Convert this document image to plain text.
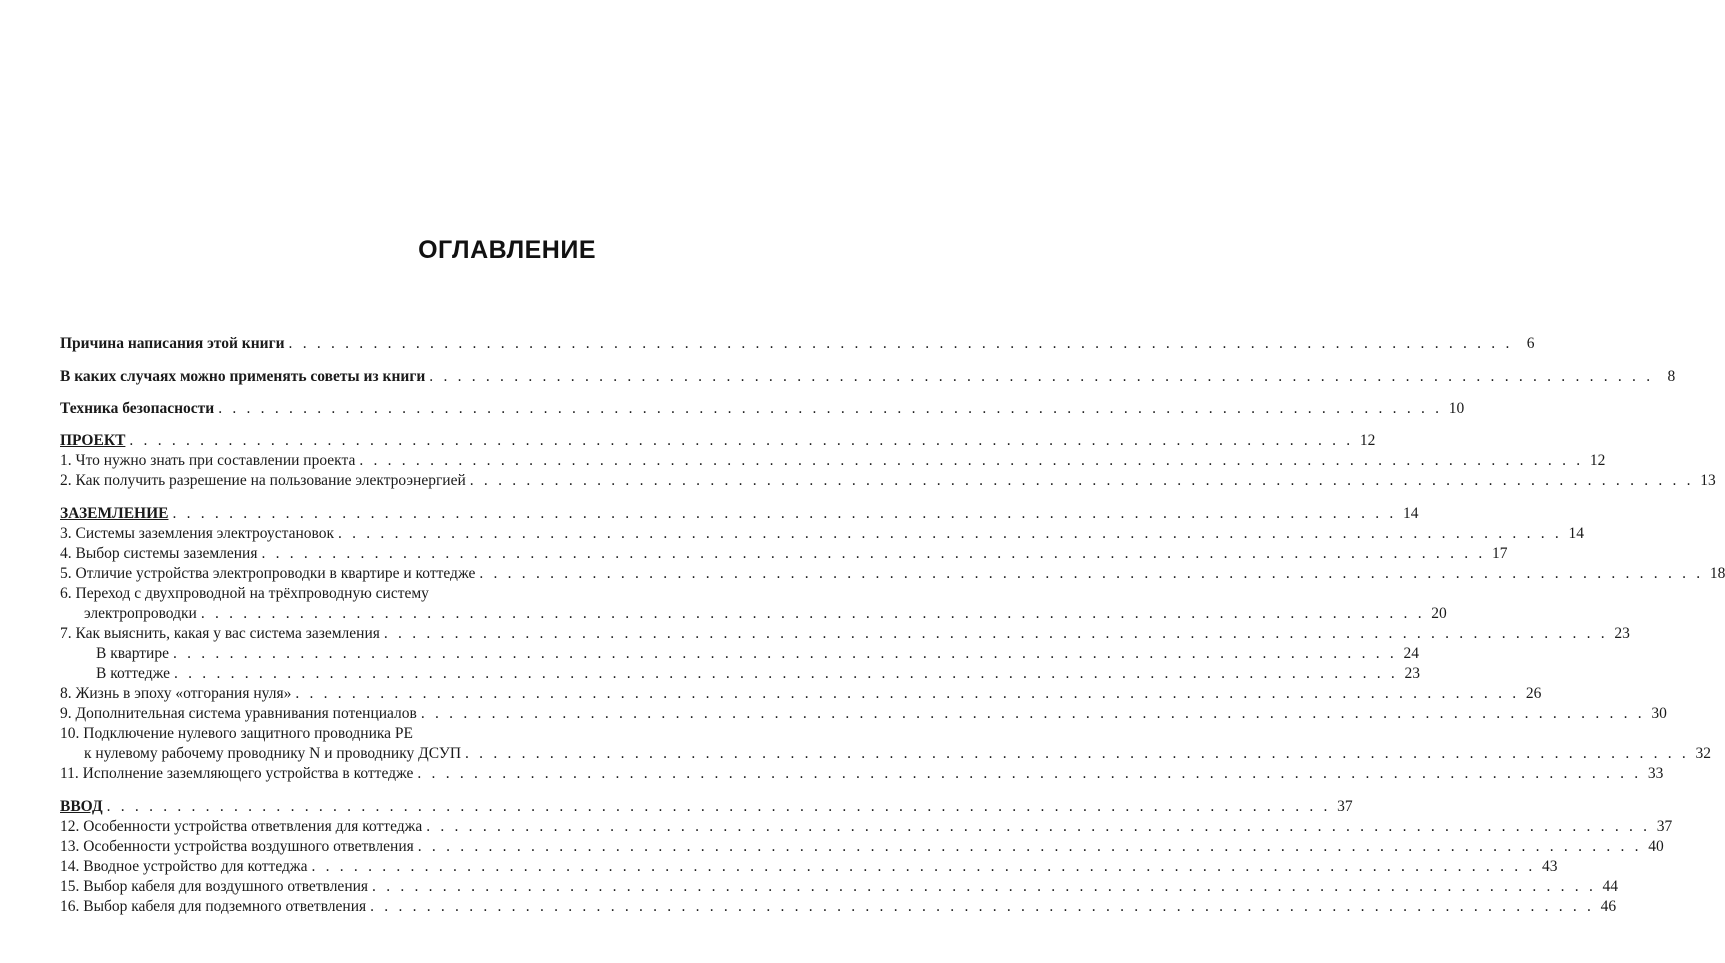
ОГЛАВЛЕНИЕ
Причина написания этой книги . . . . . . . . . . . . . . . . . . . . . . . . . . . . . . . . . . . . . . . . . . . . . . . . . . . . . . . . . . . . . . . . . . . . . . . . . . . . . . . . . . . . . . . 6
В каких случаях можно применять советы из книги . . . . . . . . . . . . . . . . . . . . . . . . . . . . . . . . . . . . . . . . . . . . . . . . . . . . . . . . . . . . . . . . . . . . . . . . . . . . . . . . . . . . . . . 8
Техника безопасности . . . . . . . . . . . . . . . . . . . . . . . . . . . . . . . . . . . . . . . . . . . . . . . . . . . . . . . . . . . . . . . . . . . . . . . . . . . . . . . . . . . . . . . 10
ПРОЕКТ . . . . . . . . . . . . . . . . . . . . . . . . . . . . . . . . . . . . . . . . . . . . . . . . . . . . . . . . . . . . . . . . . . . . . . . . . . . . . . . . . . . . . . . 12
1. Что нужно знать при составлении проекта . . . . . . . . . . . . . . . . . . . . . . . . . . . . . . . . . . . . . . . . . . . . . . . . . . . . . . . . . . . . . . . . . . . . . . . . . . . . . . . . . . . . . . . 12
2. Как получить разрешение на пользование электроэнергией . . . . . . . . . . . . . . . . . . . . . . . . . . . . . . . . . . . . . . . . . . . . . . . . . . . . . . . . . . . . . . . . . . . . . . . . . . . . . . . . . . . . . . . 13
ЗАЗЕМЛЕНИЕ . . . . . . . . . . . . . . . . . . . . . . . . . . . . . . . . . . . . . . . . . . . . . . . . . . . . . . . . . . . . . . . . . . . . . . . . . . . . . . . . . . . . . . . 14
3. Системы заземления электроустановок . . . . . . . . . . . . . . . . . . . . . . . . . . . . . . . . . . . . . . . . . . . . . . . . . . . . . . . . . . . . . . . . . . . . . . . . . . . . . . . . . . . . . . . 14
4. Выбор системы заземления . . . . . . . . . . . . . . . . . . . . . . . . . . . . . . . . . . . . . . . . . . . . . . . . . . . . . . . . . . . . . . . . . . . . . . . . . . . . . . . . . . . . . . . 17
5. Отличие устройства электропроводки в квартире и коттедже . . . . . . . . . . . . . . . . . . . . . . . . . . . . . . . . . . . . . . . . . . . . . . . . . . . . . . . . . . . . . . . . . . . . . . . . . . . . . . . . . . . . . . . 18
6. Переход с двухпроводной на трёхпроводную систему
электропроводки . . . . . . . . . . . . . . . . . . . . . . . . . . . . . . . . . . . . . . . . . . . . . . . . . . . . . . . . . . . . . . . . . . . . . . . . . . . . . . . . . . . . . . . 20
7. Как выяснить, какая у вас система заземления . . . . . . . . . . . . . . . . . . . . . . . . . . . . . . . . . . . . . . . . . . . . . . . . . . . . . . . . . . . . . . . . . . . . . . . . . . . . . . . . . . . . . . . 23
В квартире . . . . . . . . . . . . . . . . . . . . . . . . . . . . . . . . . . . . . . . . . . . . . . . . . . . . . . . . . . . . . . . . . . . . . . . . . . . . . . . . . . . . . . . 24
В коттедже . . . . . . . . . . . . . . . . . . . . . . . . . . . . . . . . . . . . . . . . . . . . . . . . . . . . . . . . . . . . . . . . . . . . . . . . . . . . . . . . . . . . . . . 23
8. Жизнь в эпоху «отгорания нуля» . . . . . . . . . . . . . . . . . . . . . . . . . . . . . . . . . . . . . . . . . . . . . . . . . . . . . . . . . . . . . . . . . . . . . . . . . . . . . . . . . . . . . . . 26
9. Дополнительная система уравнивания потенциалов . . . . . . . . . . . . . . . . . . . . . . . . . . . . . . . . . . . . . . . . . . . . . . . . . . . . . . . . . . . . . . . . . . . . . . . . . . . . . . . . . . . . . . . 30
10. Подключение нулевого защитного проводника PE
к нулевому рабочему проводнику N и проводнику ДСУП . . . . . . . . . . . . . . . . . . . . . . . . . . . . . . . . . . . . . . . . . . . . . . . . . . . . . . . . . . . . . . . . . . . . . . . . . . . . . . . . . . . . . . . 32
11. Исполнение заземляющего устройства в коттедже . . . . . . . . . . . . . . . . . . . . . . . . . . . . . . . . . . . . . . . . . . . . . . . . . . . . . . . . . . . . . . . . . . . . . . . . . . . . . . . . . . . . . . . 33
ВВОД . . . . . . . . . . . . . . . . . . . . . . . . . . . . . . . . . . . . . . . . . . . . . . . . . . . . . . . . . . . . . . . . . . . . . . . . . . . . . . . . . . . . . . . 37
12. Особенности устройства ответвления для коттеджа . . . . . . . . . . . . . . . . . . . . . . . . . . . . . . . . . . . . . . . . . . . . . . . . . . . . . . . . . . . . . . . . . . . . . . . . . . . . . . . . . . . . . . . 37
13. Особенности устройства воздушного ответвления . . . . . . . . . . . . . . . . . . . . . . . . . . . . . . . . . . . . . . . . . . . . . . . . . . . . . . . . . . . . . . . . . . . . . . . . . . . . . . . . . . . . . . . 40
14. Вводное устройство для коттеджа . . . . . . . . . . . . . . . . . . . . . . . . . . . . . . . . . . . . . . . . . . . . . . . . . . . . . . . . . . . . . . . . . . . . . . . . . . . . . . . . . . . . . . . 43
15. Выбор кабеля для воздушного ответвления . . . . . . . . . . . . . . . . . . . . . . . . . . . . . . . . . . . . . . . . . . . . . . . . . . . . . . . . . . . . . . . . . . . . . . . . . . . . . . . . . . . . . . . 44
16. Выбор кабеля для подземного ответвления . . . . . . . . . . . . . . . . . . . . . . . . . . . . . . . . . . . . . . . . . . . . . . . . . . . . . . . . . . . . . . . . . . . . . . . . . . . . . . . . . . . . . . . 46
